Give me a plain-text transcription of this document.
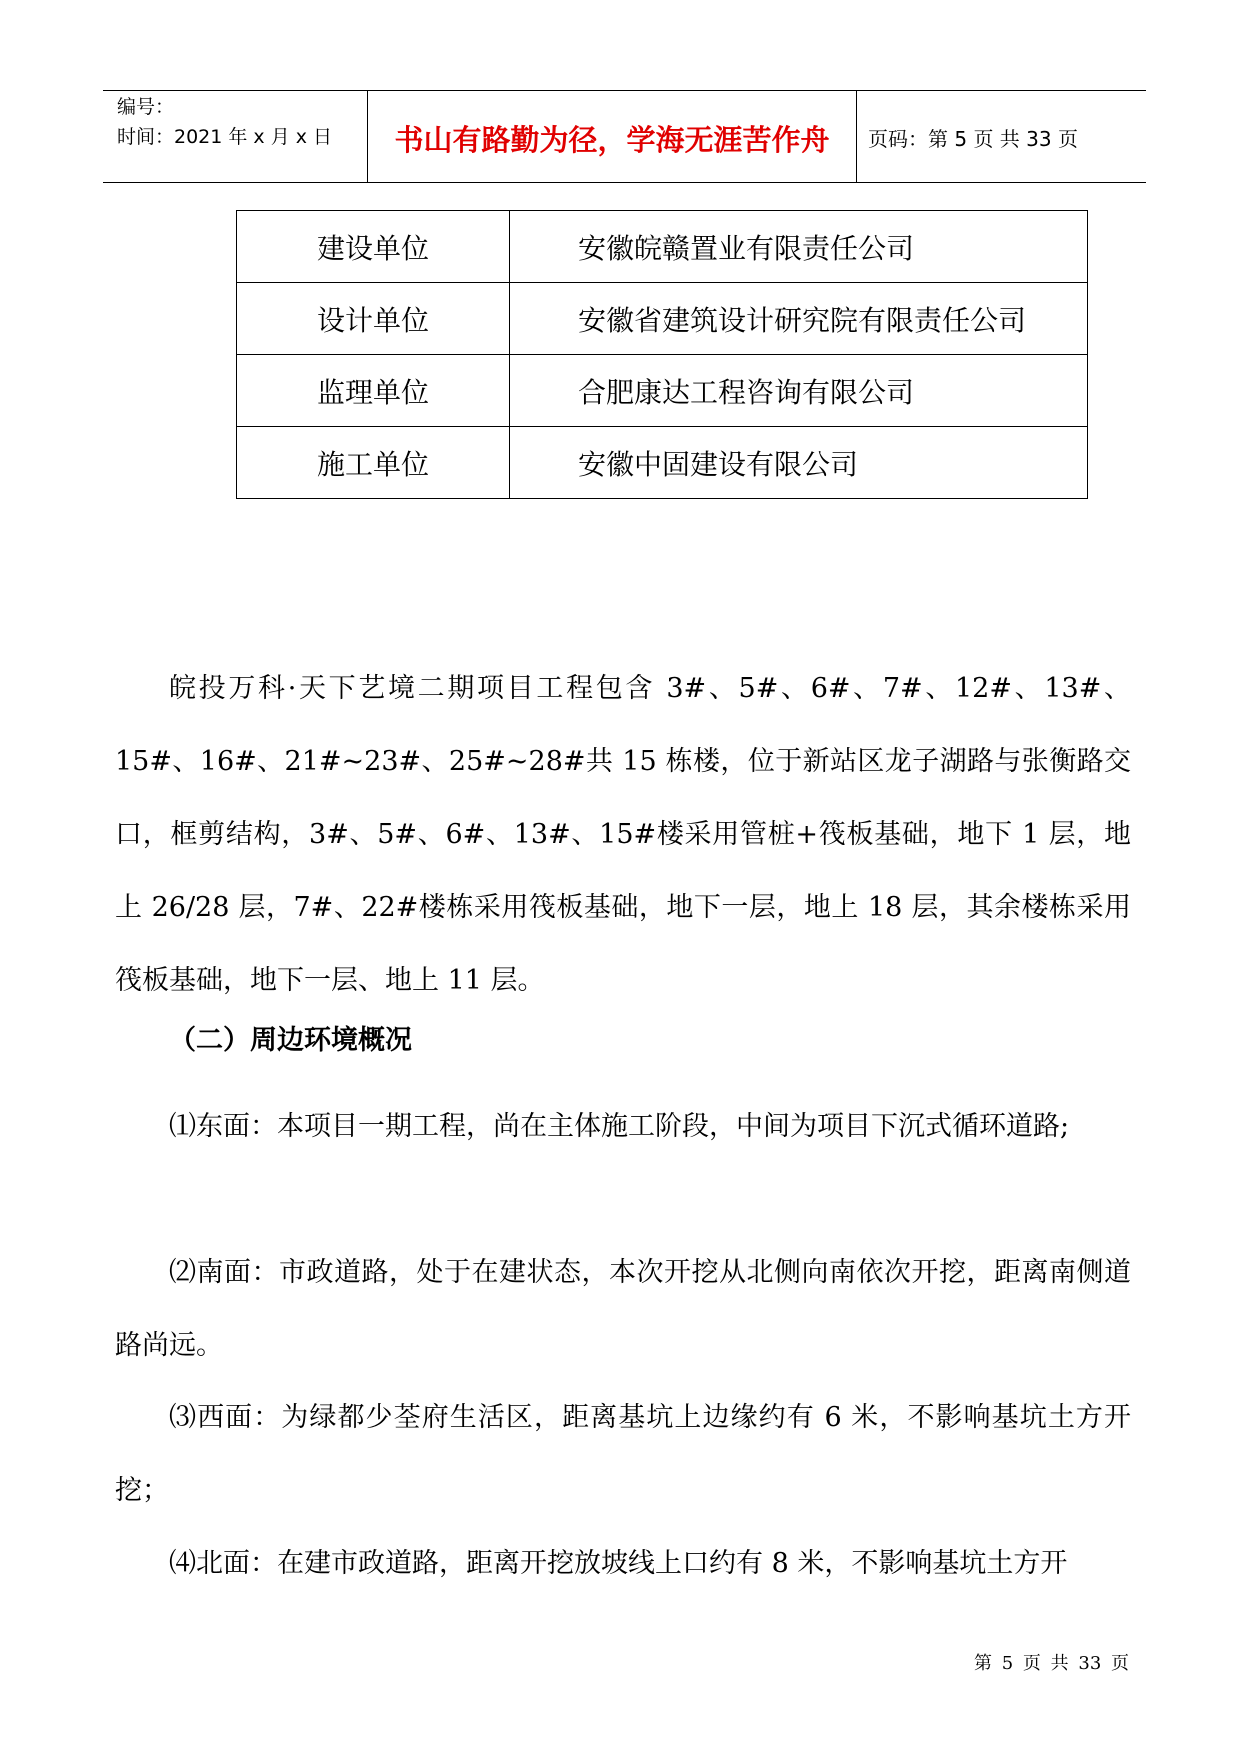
编号：
时间：2021 年 x 月 x 日	书山有路勤为径，学海无涯苦作舟	页码：第 5 页 共 33 页
建设单位	安徽皖赣置业有限责任公司
设计单位	安徽省建筑设计研究院有限责任公司
监理单位	合肥康达工程咨询有限公司
施工单位	安徽中固建设有限公司

皖投万科·天下艺境二期项目工程包含 3#、5#、6#、7#、12#、13#、15#、16#、21#~23#、25#~28#共 15 栋楼，位于新站区龙子湖路与张衡路交口，框剪结构，3#、5#、6#、13#、15#楼采用管桩+筏板基础，地下 1 层，地上 26/28 层，7#、22#楼栋采用筏板基础，地下一层，地上 18 层，其余楼栋采用筏板基础，地下一层、地上 11 层。

（二）周边环境概况

⑴东面：本项目一期工程，尚在主体施工阶段，中间为项目下沉式循环道路;

⑵南面：市政道路，处于在建状态，本次开挖从北侧向南依次开挖，距离南侧道路尚远。

⑶西面：为绿都少荃府生活区，距离基坑上边缘约有 6 米，不影响基坑土方开挖；

⑷北面：在建市政道路，距离开挖放坡线上口约有 8 米，不影响基坑土方开

第 5 页 共 33 页
